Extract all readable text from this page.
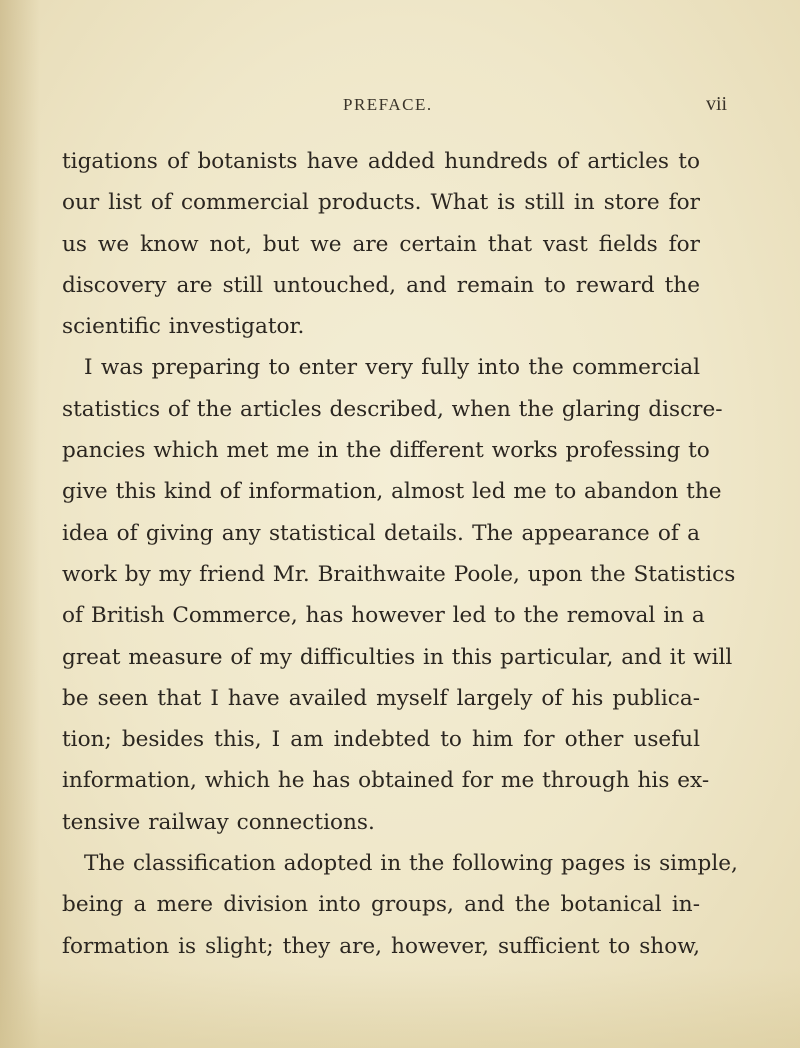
PREFACE.	vii
tigations of botanists have added hundreds of articles to
our list of commercial products. What is still in store for
us we know not, but we are certain that vast fields for
discovery are still untouched, and remain to reward the
scientific investigator.
I was preparing to enter very fully into the commercial
statistics of the articles described, when the glaring discre-
pancies which met me in the different works professing to
give this kind of information, almost led me to abandon the
idea of giving any statistical details. The appearance of a
work by my friend Mr. Braithwaite Poole, upon the Statistics
of British Commerce, has however led to the removal in a
great measure of my difficulties in this particular, and it will
be seen that I have availed myself largely of his publica-
tion; besides this, I am indebted to him for other useful
information, which he has obtained for me through his ex-
tensive railway connections.
The classification adopted in the following pages is simple,
being a mere division into groups, and the botanical in-
formation is slight; they are, however, sufficient to show,
